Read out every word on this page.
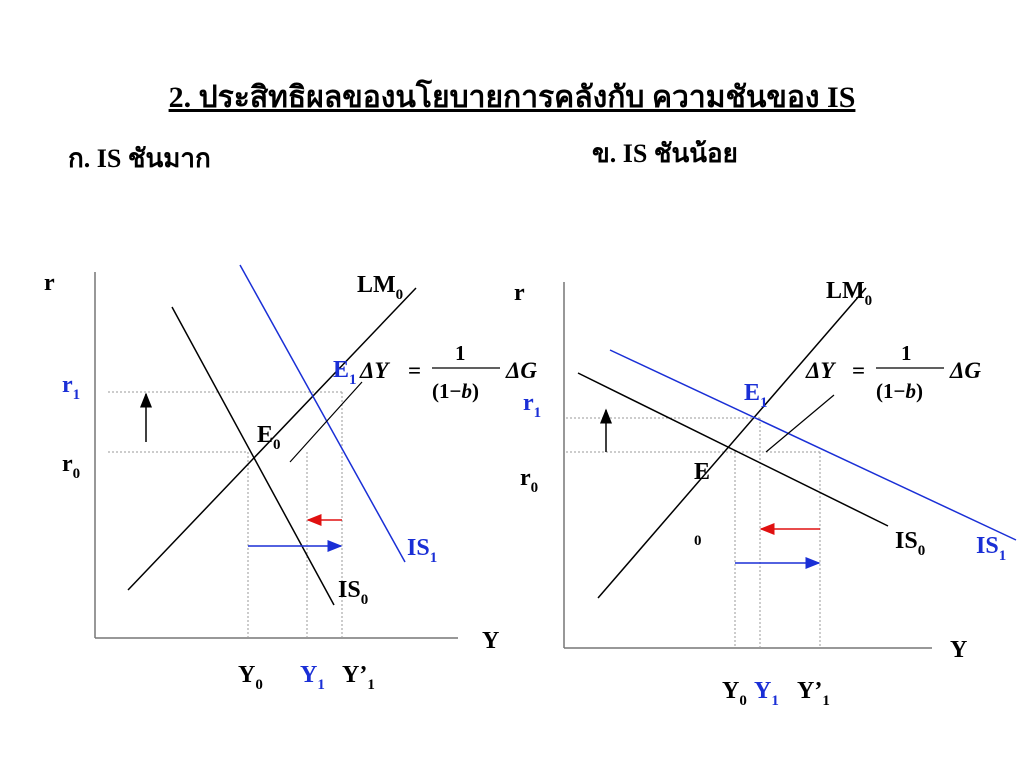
2. ประสิทธิผลของนโยบายการคลังกับ ความชันของ IS
ก. IS ชันมาก	ข. IS ชันน้อย
r
Y
$LM_0$
$IS_0$
$IS_1$
$E_0$
$E_1$
$r_1$
$r_0$
$Y_0$ $Y_1$ $Y’_1$
ΔY =
1
(1−b)
ΔG
r
Y
$LM_0$
$IS_0$ $IS_1$
E
0
$E_1$
$r_1$
$r_0$
$Y_0$ $Y_1$ $Y’_1$
ΔY =
1
(1−b)
ΔG
